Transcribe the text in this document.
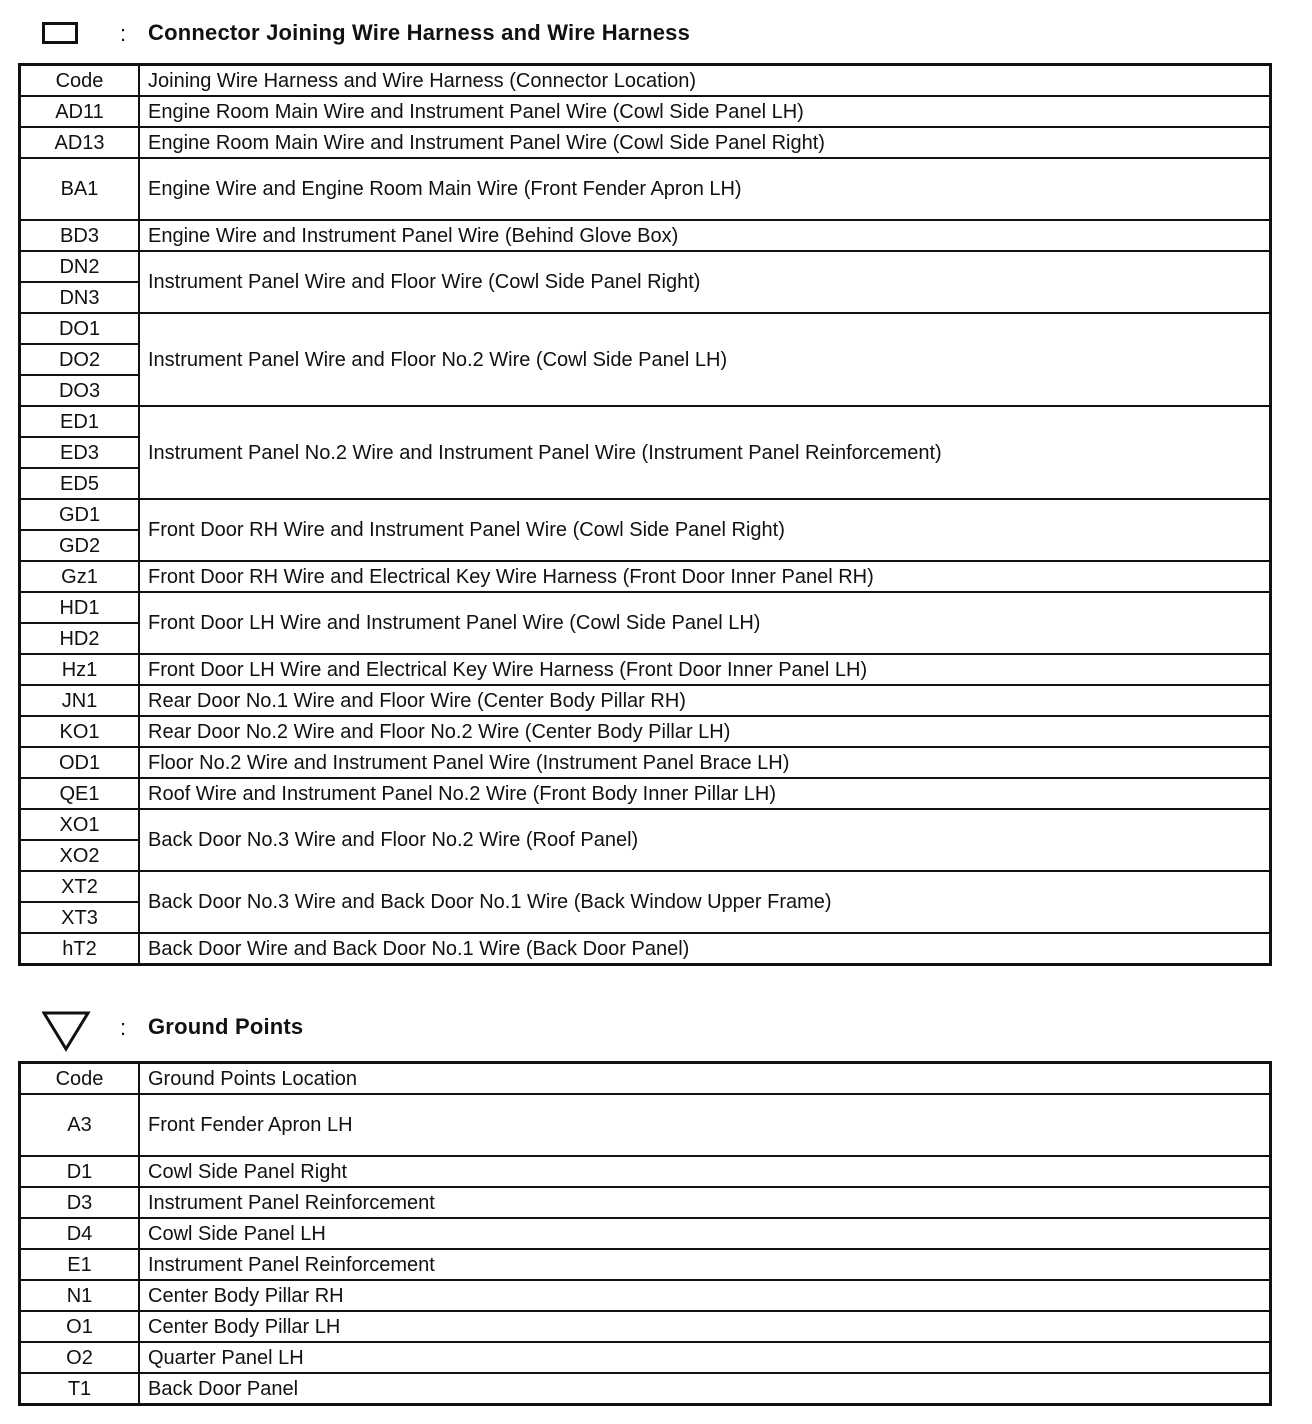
: Connector Joining Wire Harness and Wire Harness
Code	Joining Wire Harness and Wire Harness (Connector Location)
AD11	Engine Room Main Wire and Instrument Panel Wire (Cowl Side Panel LH)
AD13	Engine Room Main Wire and Instrument Panel Wire (Cowl Side Panel Right)
BA1	Engine Wire and Engine Room Main Wire (Front Fender Apron LH)
BD3	Engine Wire and Instrument Panel Wire (Behind Glove Box)
DN2	Instrument Panel Wire and Floor Wire (Cowl Side Panel Right)
DN3	
DO1	Instrument Panel Wire and Floor No.2 Wire (Cowl Side Panel LH)
DO2	
DO3	
ED1	Instrument Panel No.2 Wire and Instrument Panel Wire (Instrument Panel Reinforcement)
ED3	
ED5	
GD1	Front Door RH Wire and Instrument Panel Wire (Cowl Side Panel Right)
GD2	
Gz1	Front Door RH Wire and Electrical Key Wire Harness (Front Door Inner Panel RH)
HD1	Front Door LH Wire and Instrument Panel Wire (Cowl Side Panel LH)
HD2	
Hz1	Front Door LH Wire and Electrical Key Wire Harness (Front Door Inner Panel LH)
JN1	Rear Door No.1 Wire and Floor Wire (Center Body Pillar RH)
KO1	Rear Door No.2 Wire and Floor No.2 Wire (Center Body Pillar LH)
OD1	Floor No.2 Wire and Instrument Panel Wire (Instrument Panel Brace LH)
QE1	Roof Wire and Instrument Panel No.2 Wire (Front Body Inner Pillar LH)
XO1	Back Door No.3 Wire and Floor No.2 Wire (Roof Panel)
XO2	
XT2	Back Door No.3 Wire and Back Door No.1 Wire (Back Window Upper Frame)
XT3	
hT2	Back Door Wire and Back Door No.1 Wire (Back Door Panel)
: Ground Points
Code	Ground Points Location
A3	Front Fender Apron LH
D1	Cowl Side Panel Right
D3	Instrument Panel Reinforcement
D4	Cowl Side Panel LH
E1	Instrument Panel Reinforcement
N1	Center Body Pillar RH
O1	Center Body Pillar LH
O2	Quarter Panel LH
T1	Back Door Panel
